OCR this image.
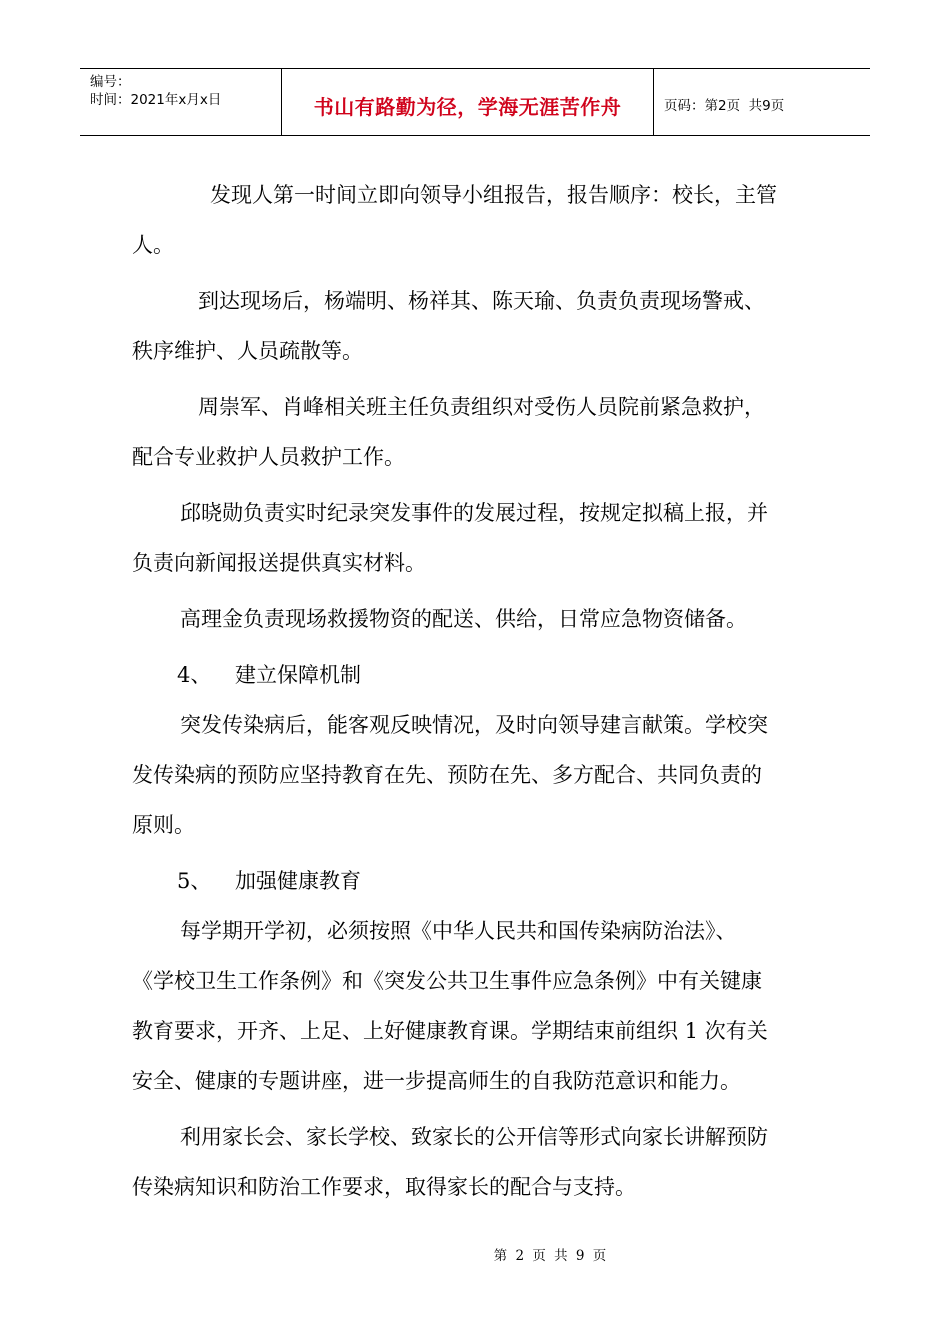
编号：
时间：2021年x月x日	书山有路勤为径，学海无涯苦作舟	页码：第2页  共9页

发现人第一时间立即向领导小组报告，报告顺序：校长，主管

人。

到达现场后，杨端明、杨祥其、陈天瑜、负责负责现场警戒、

秩序维护、人员疏散等。

周崇军、肖峰相关班主任负责组织对受伤人员院前紧急救护，

配合专业救护人员救护工作。

邱晓勋负责实时纪录突发事件的发展过程，按规定拟稿上报，并

负责向新闻报送提供真实材料。

高理金负责现场救援物资的配送、供给，日常应急物资储备。

4、	建立保障机制

突发传染病后，能客观反映情况，及时向领导建言献策。学校突

发传染病的预防应坚持教育在先、预防在先、多方配合、共同负责的

原则。

5、	加强健康教育

每学期开学初，必须按照《中华人民共和国传染病防治法》、

《学校卫生工作条例》和《突发公共卫生事件应急条例》中有关键康

教育要求，开齐、上足、上好健康教育课。学期结束前组织 1 次有关

安全、健康的专题讲座，进一步提高师生的自我防范意识和能力。

利用家长会、家长学校、致家长的公开信等形式向家长讲解预防

传染病知识和防治工作要求，取得家长的配合与支持。

第 2 页 共 9 页
